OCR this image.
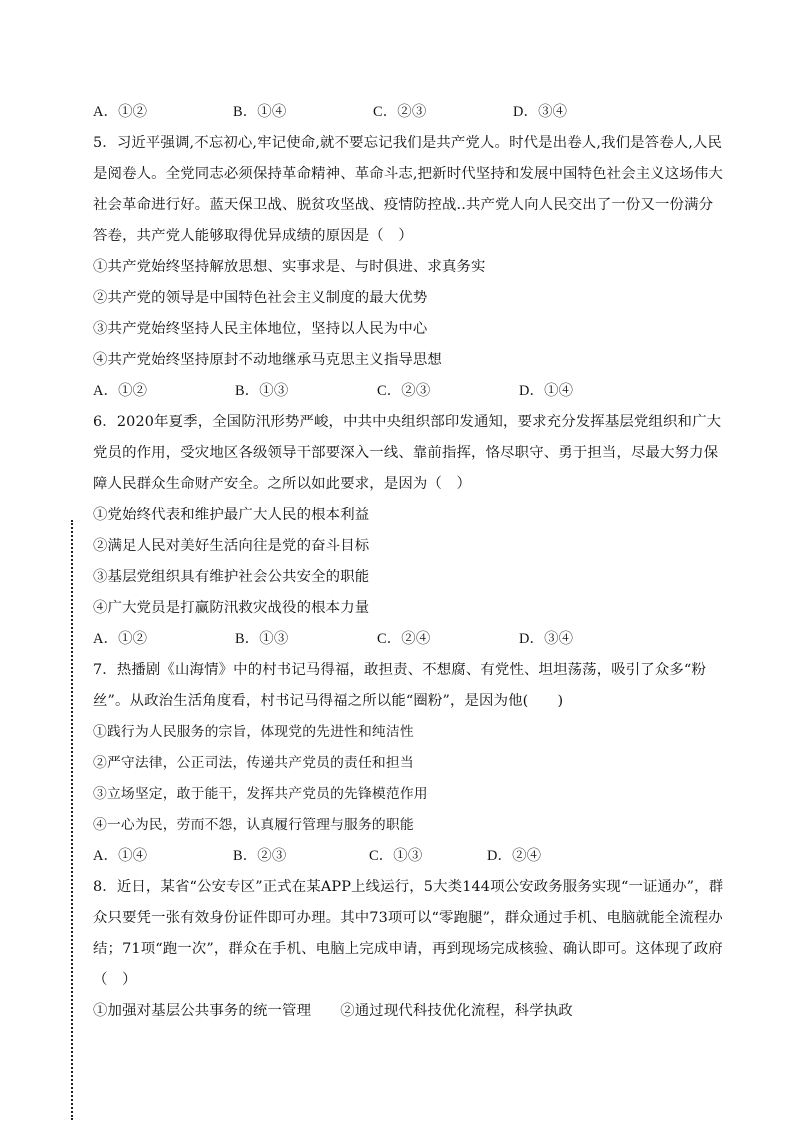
A．①②	B．①④	C．②③	D．③④
5．习近平强调,不忘初心,牢记使命,就不要忘记我们是共产党人。时代是出卷人,我们是答卷人,人民
是阅卷人。全党同志必须保持革命精神、革命斗志,把新时代坚持和发展中国特色社会主义这场伟大
社会革命进行好。蓝天保卫战、脱贫攻坚战、疫情防控战..共产党人向人民交出了一份又一份满分
答卷，共产党人能够取得优异成绩的原因是（　）
①共产党始终坚持解放思想、实事求是、与时俱进、求真务实
②共产党的领导是中国特色社会主义制度的最大优势
③共产党始终坚持人民主体地位，坚持以人民为中心
④共产党始终坚持原封不动地继承马克思主义指导思想
A．①②	B．①③	C．②③	D．①④
6．2020年夏季，全国防汛形势严峻，中共中央组织部印发通知，要求充分发挥基层党组织和广大
党员的作用，受灾地区各级领导干部要深入一线、靠前指挥，恪尽职守、勇于担当，尽最大努力保
障人民群众生命财产安全。之所以如此要求，是因为（　）
①党始终代表和维护最广大人民的根本利益
②满足人民对美好生活向往是党的奋斗目标
③基层党组织具有维护社会公共安全的职能
④广大党员是打赢防汛救灾战役的根本力量
A．①②	B．①③	C．②④	D．③④
7．热播剧《山海情》中的村书记马得福，敢担责、不想腐、有党性、坦坦荡荡，吸引了众多“粉
丝”。从政治生活角度看，村书记马得福之所以能“圈粉”，是因为他(　　)
①践行为人民服务的宗旨，体现党的先进性和纯洁性
②严守法律，公正司法，传递共产党员的责任和担当
③立场坚定，敢于能干，发挥共产党员的先锋模范作用
④一心为民，劳而不怨，认真履行管理与服务的职能
A．①④	B．②③	C．①③	D．②④
8．近日，某省“公安专区”正式在某APP上线运行，5大类144项公安政务服务实现“一证通办”，群
众只要凭一张有效身份证件即可办理。其中73项可以“零跑腿”，群众通过手机、电脑就能全流程办
结；71项“跑一次”，群众在手机、电脑上完成申请，再到现场完成核验、确认即可。这体现了政府
（　）
①加强对基层公共事务的统一管理　　②通过现代科技优化流程，科学执政
